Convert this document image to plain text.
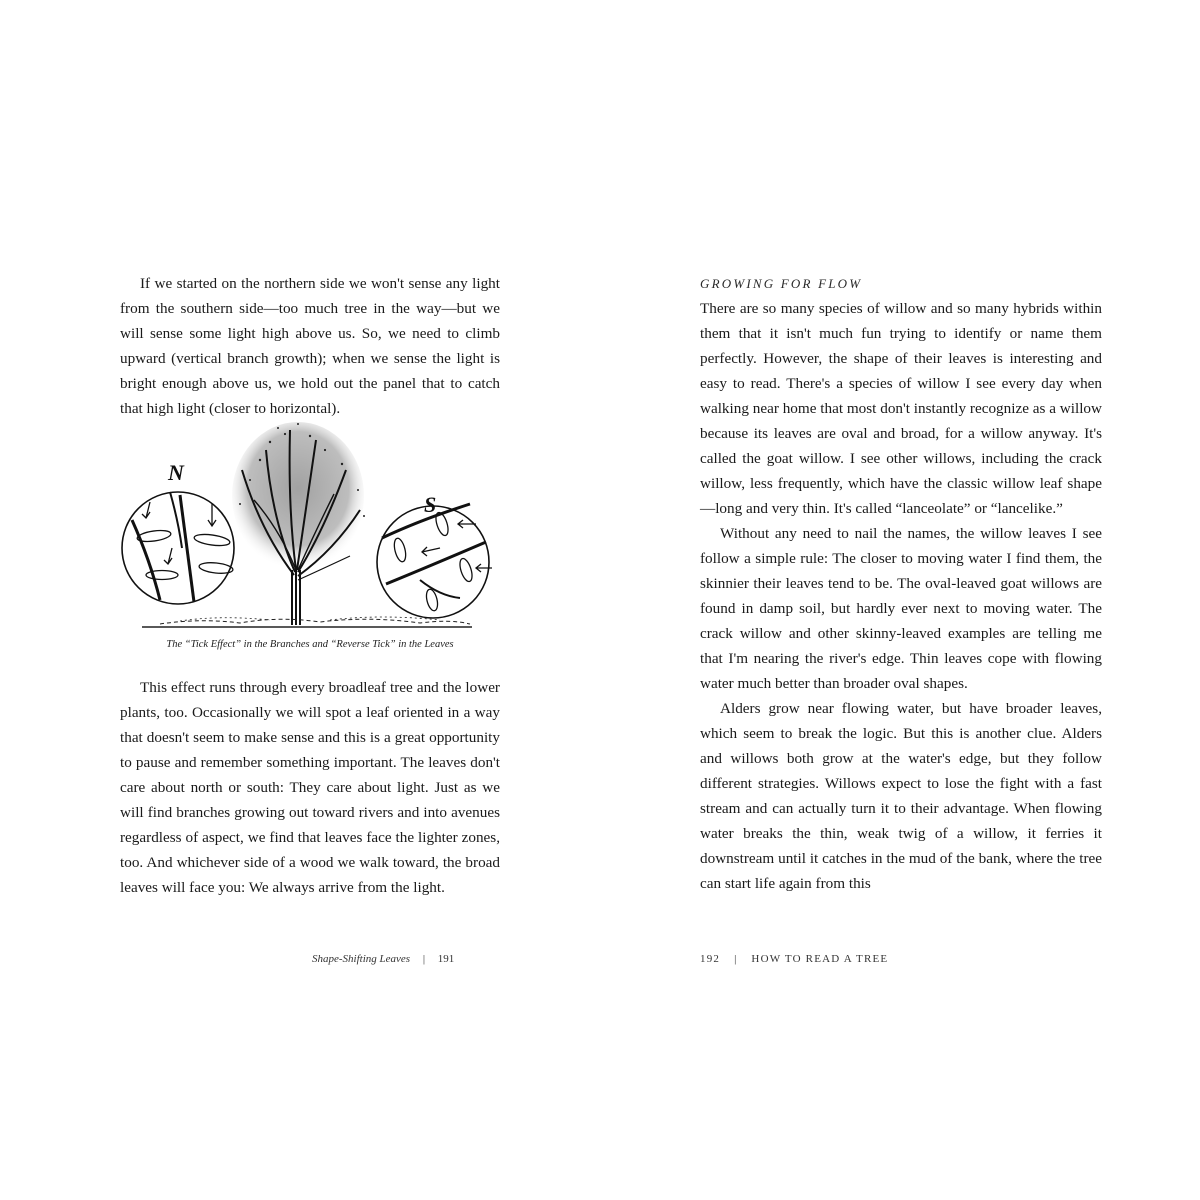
If we started on the northern side we won't sense any light from the southern side—too much tree in the way—but we will sense some light high above us. So, we need to climb upward (vertical branch growth); when we sense the light is bright enough above us, we hold out the panel that to catch that high light (closer to horizontal).

N
S
The “Tick Effect” in the Branches and “Reverse Tick” in the Leaves

This effect runs through every broadleaf tree and the lower plants, too. Occasionally we will spot a leaf oriented in a way that doesn't seem to make sense and this is a great opportunity to pause and remember something important. The leaves don't care about north or south: They care about light. Just as we will find branches growing out toward rivers and into avenues regardless of aspect, we find that leaves face the lighter zones, too. And whichever side of a wood we walk toward, the broad leaves will face you: We always arrive from the light.

Shape-Shifting Leaves | 191
GROWING FOR FLOW

There are so many species of willow and so many hybrids within them that it isn't much fun trying to identify or name them perfectly. However, the shape of their leaves is interesting and easy to read. There's a species of willow I see every day when walking near home that most don't instantly recognize as a willow because its leaves are oval and broad, for a willow anyway. It's called the goat willow. I see other willows, including the crack willow, less frequently, which have the classic willow leaf shape—long and very thin. It's called “lanceolate” or “lancelike.”

Without any need to nail the names, the willow leaves I see follow a simple rule: The closer to moving water I find them, the skinnier their leaves tend to be. The oval-leaved goat willows are found in damp soil, but hardly ever next to moving water. The crack willow and other skinny-leaved examples are telling me that I'm nearing the river's edge. Thin leaves cope with flowing water much better than broader oval shapes.

Alders grow near flowing water, but have broader leaves, which seem to break the logic. But this is another clue. Alders and willows both grow at the water's edge, but they follow different strategies. Willows expect to lose the fight with a fast stream and can actually turn it to their advantage. When flowing water breaks the thin, weak twig of a willow, it ferries it downstream until it catches in the mud of the bank, where the tree can start life again from this

192 | HOW TO READ A TREE
